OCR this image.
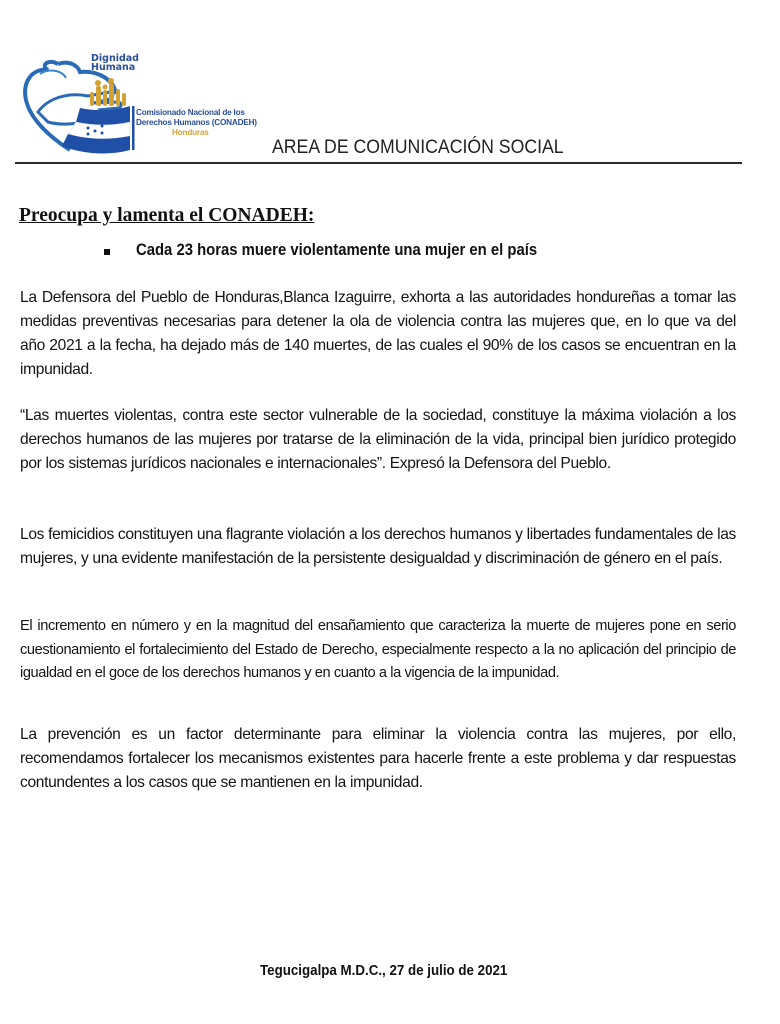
Dignidad
Humana
Comisionado Nacional de los
Derechos Humanos (CONADEH)
Honduras
AREA DE COMUNICACIÓN SOCIAL
Preocupa y lamenta el CONADEH:
Cada 23 horas muere violentamente una mujer en el país

La Defensora del Pueblo de Honduras,Blanca Izaguirre, exhorta a las autoridades hondureñas a tomar las medidas preventivas necesarias para detener la ola de violencia contra las mujeres que, en lo que va del año 2021 a la fecha, ha dejado más de 140 muertes, de las cuales el 90% de los casos se encuentran en la impunidad.

“Las muertes violentas, contra este sector vulnerable de la sociedad, constituye la máxima violación a los derechos humanos de las mujeres por tratarse de la eliminación de la vida, principal bien jurídico protegido por los sistemas jurídicos nacionales e internacionales”. Expresó la Defensora del Pueblo.

Los femicidios constituyen una flagrante violación a los derechos humanos y libertades fundamentales de las mujeres, y una evidente manifestación de la persistente desigualdad y discriminación de género en el país.

El incremento en número y en la magnitud del ensañamiento que caracteriza la muerte de mujeres pone en serio cuestionamiento el fortalecimiento del Estado de Derecho, especialmente respecto a la no aplicación del principio de igualdad en el goce de los derechos humanos y en cuanto a la vigencia de la impunidad.

La prevención es un factor determinante para eliminar la violencia contra las mujeres, por ello, recomendamos fortalecer los mecanismos existentes para hacerle frente a este problema y dar respuestas contundentes a los casos que se mantienen en la impunidad.

Tegucigalpa M.D.C., 27 de julio de 2021
